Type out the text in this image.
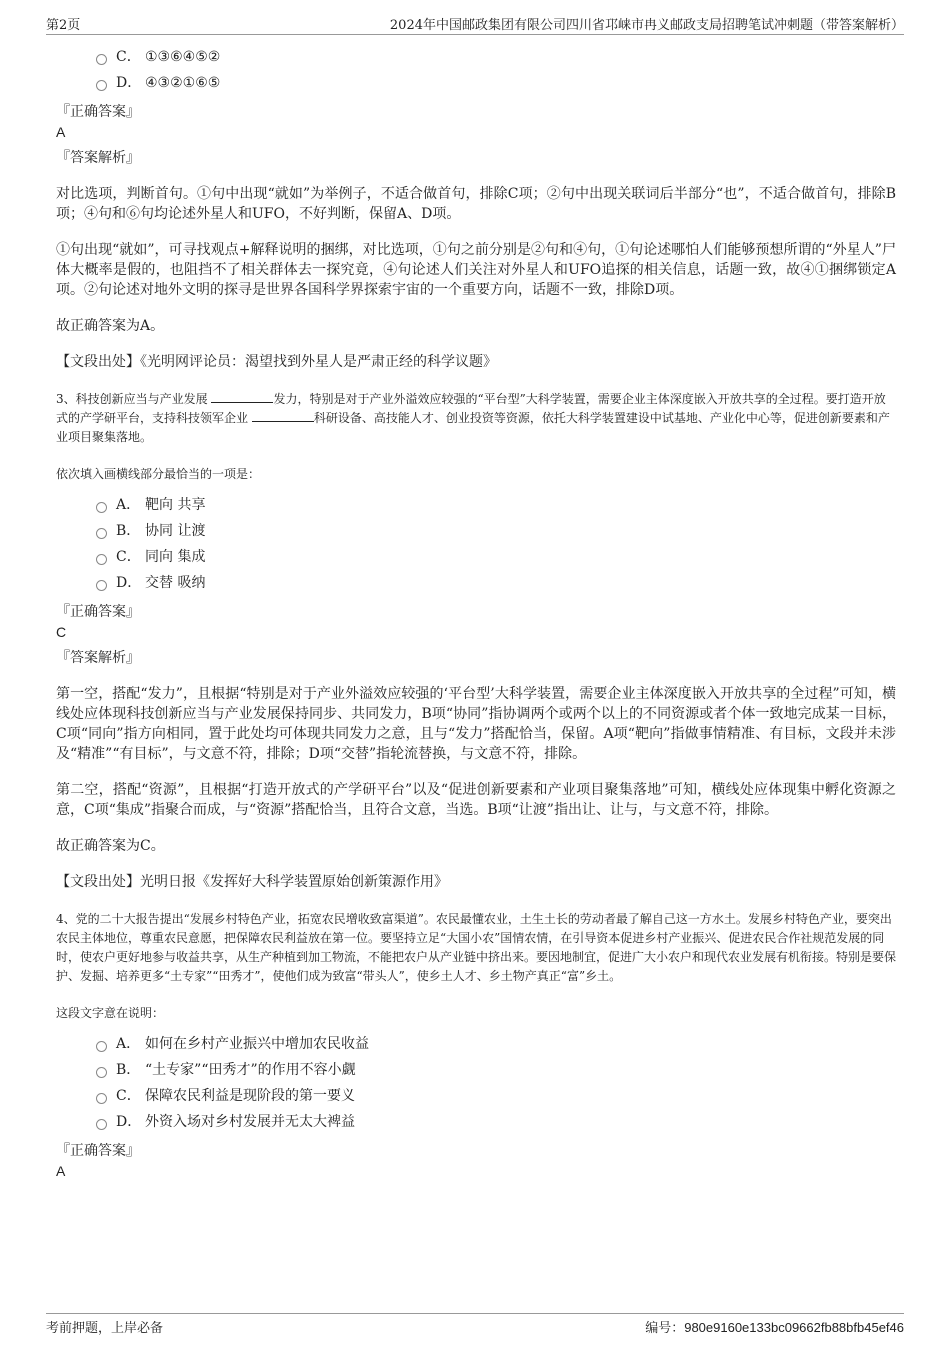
第2页	2024年中国邮政集团有限公司四川省邛崃市冉义邮政支局招聘笔试冲刺题（带答案解析）
C． ①③⑥④⑤②
D． ④③②①⑥⑤
『正确答案』
A
『答案解析』
对比选项，判断首句。①句中出现“就如”为举例子，不适合做首句，排除C项；②句中出现关联词后半部分“也”，不适合做首句，排除B项；④句和⑥句均论述外星人和UFO，不好判断，保留A、D项。
①句出现“就如”，可寻找观点+解释说明的捆绑，对比选项，①句之前分别是②句和④句，①句论述哪怕人们能够预想所谓的“外星人”尸体大概率是假的，也阻挡不了相关群体去一探究竟，④句论述人们关注对外星人和UFO追探的相关信息，话题一致，故④①捆绑锁定A项。②句论述对地外文明的探寻是世界各国科学界探索宇宙的一个重要方向，话题不一致，排除D项。
故正确答案为A。
【文段出处】《光明网评论员：渴望找到外星人是严肃正经的科学议题》
3、科技创新应当与产业发展	发力，特别是对于产业外溢效应较强的“平台型”大科学装置，需要企业主体深度嵌入开放共享的全过程。要打造开放式的产学研平台，支持科技领军企业	科研设备、高技能人才、创业投资等资源，依托大科学装置建设中试基地、产业化中心等，促进创新要素和产业项目聚集落地。
依次填入画横线部分最恰当的一项是：
A． 靶向 共享
B． 协同 让渡
C． 同向 集成
D． 交替 吸纳
『正确答案』
C
『答案解析』
第一空，搭配“发力”，且根据“特别是对于产业外溢效应较强的‘平台型’大科学装置，需要企业主体深度嵌入开放共享的全过程”可知，横线处应体现科技创新应当与产业发展保持同步、共同发力，B项“协同”指协调两个或两个以上的不同资源或者个体一致地完成某一目标，C项“同向”指方向相同，置于此处均可体现共同发力之意，且与“发力”搭配恰当，保留。A项“靶向”指做事情精准、有目标，文段并未涉及“精准”“有目标”，与文意不符，排除；D项“交替”指轮流替换，与文意不符，排除。
第二空，搭配“资源”，且根据“打造开放式的产学研平台”以及“促进创新要素和产业项目聚集落地”可知，横线处应体现集中孵化资源之意，C项“集成”指聚合而成，与“资源”搭配恰当，且符合文意，当选。B项“让渡”指出让、让与，与文意不符，排除。
故正确答案为C。
【文段出处】光明日报《发挥好大科学装置原始创新策源作用》
4、党的二十大报告提出“发展乡村特色产业，拓宽农民增收致富渠道”。农民最懂农业，土生土长的劳动者最了解自己这一方水土。发展乡村特色产业，要突出农民主体地位，尊重农民意愿，把保障农民利益放在第一位。要坚持立足“大国小农”国情农情，在引导资本促进乡村产业振兴、促进农民合作社规范发展的同时，使农户更好地参与收益共享，从生产种植到加工物流，不能把农户从产业链中挤出来。要因地制宜，促进广大小农户和现代农业发展有机衔接。特别是要保护、发掘、培养更多“土专家”“田秀才”，使他们成为致富“带头人”，使乡土人才、乡土物产真正“富”乡土。
这段文字意在说明：
A． 如何在乡村产业振兴中增加农民收益
B． “土专家”“田秀才”的作用不容小觑
C． 保障农民利益是现阶段的第一要义
D． 外资入场对乡村发展并无太大裨益
『正确答案』
A
考前押题，上岸必备	编号：980e9160e133bc09662fb88bfb45ef46
